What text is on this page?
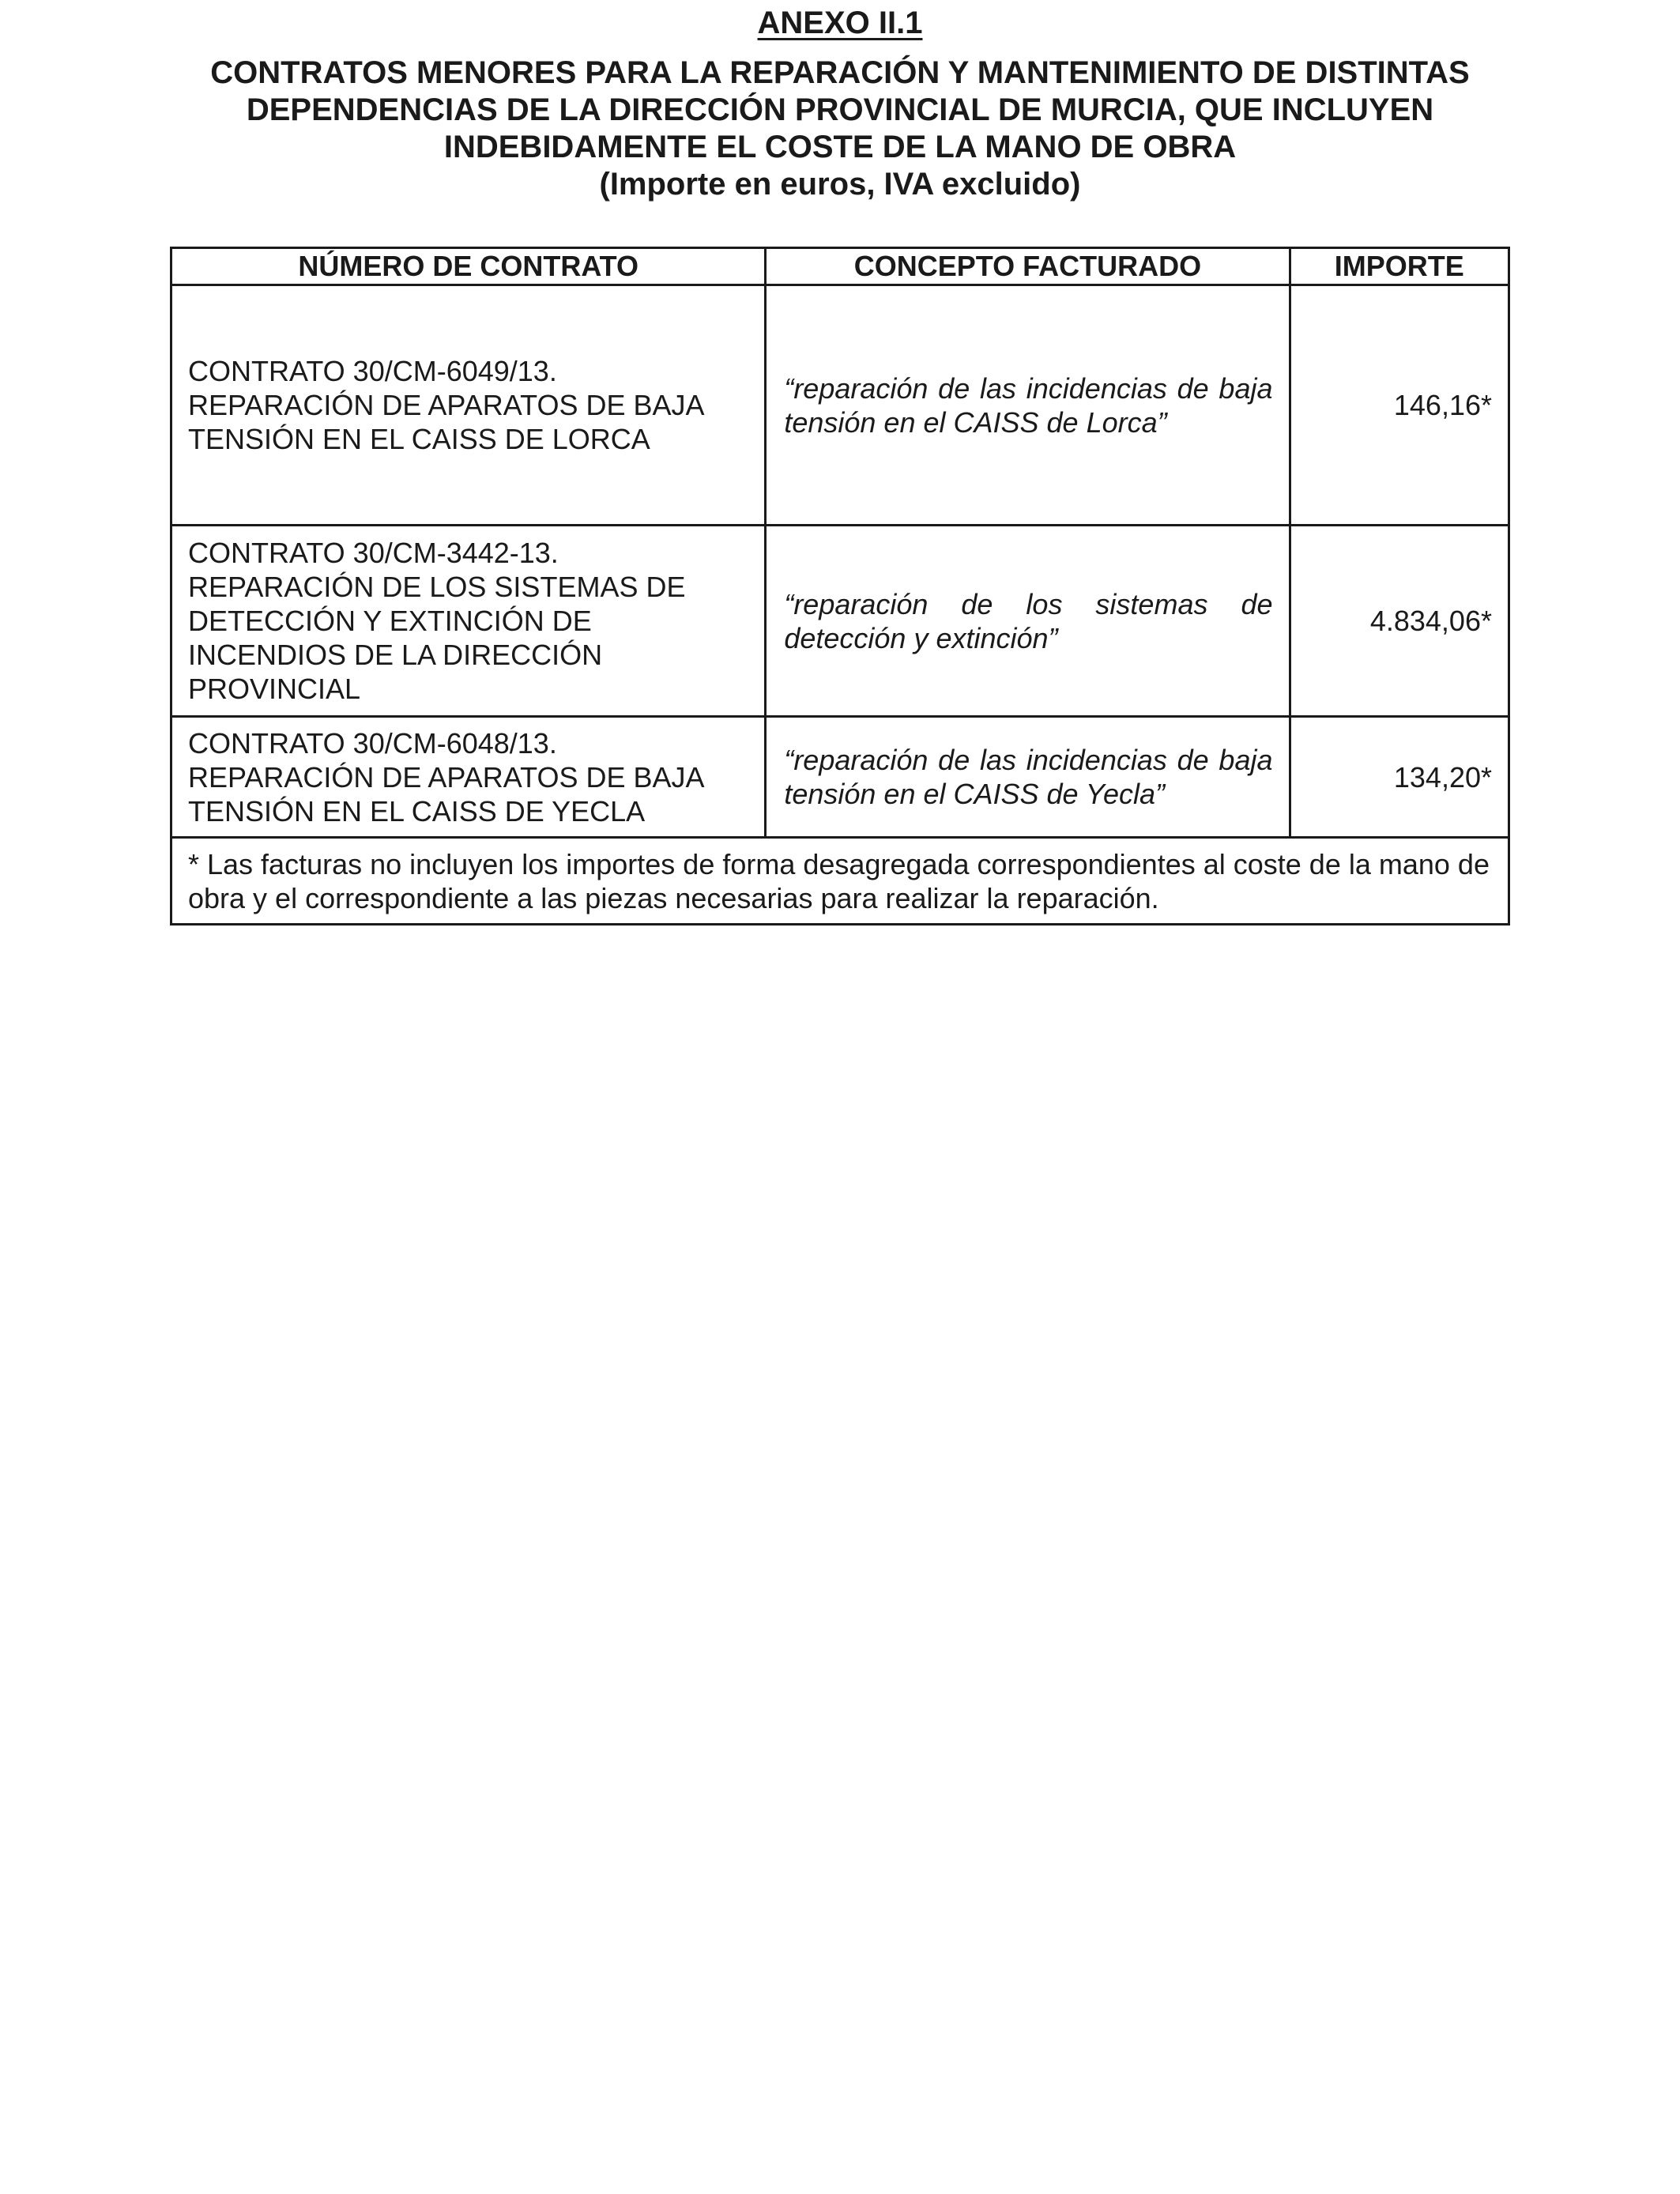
ANEXO II.1
CONTRATOS MENORES PARA LA REPARACIÓN Y MANTENIMIENTO DE DISTINTAS
DEPENDENCIAS DE LA DIRECCIÓN PROVINCIAL DE MURCIA, QUE INCLUYEN
INDEBIDAMENTE EL COSTE DE LA MANO DE OBRA
(Importe en euros, IVA excluido)
NÚMERO DE CONTRATO	CONCEPTO FACTURADO	IMPORTE

CONTRATO 30/CM-6049/13.
REPARACIÓN DE APARATOS DE BAJA
TENSIÓN EN EL CAISS DE LORCA	“reparación de las incidencias de baja tensión en el CAISS de Lorca”	146,16*

CONTRATO 30/CM-3442-13.
REPARACIÓN DE LOS SISTEMAS DE
DETECCIÓN Y EXTINCIÓN DE
INCENDIOS DE LA DIRECCIÓN
PROVINCIAL	“reparación de los sistemas de detección y extinción”	4.834,06*

CONTRATO 30/CM-6048/13.
REPARACIÓN DE APARATOS DE BAJA
TENSIÓN EN EL CAISS DE YECLA	“reparación de las incidencias de baja tensión en el CAISS de Yecla”	134,20*
* Las facturas no incluyen los importes de forma desagregada correspondientes al coste de la mano de obra y el correspondiente a las piezas necesarias para realizar la reparación.		
